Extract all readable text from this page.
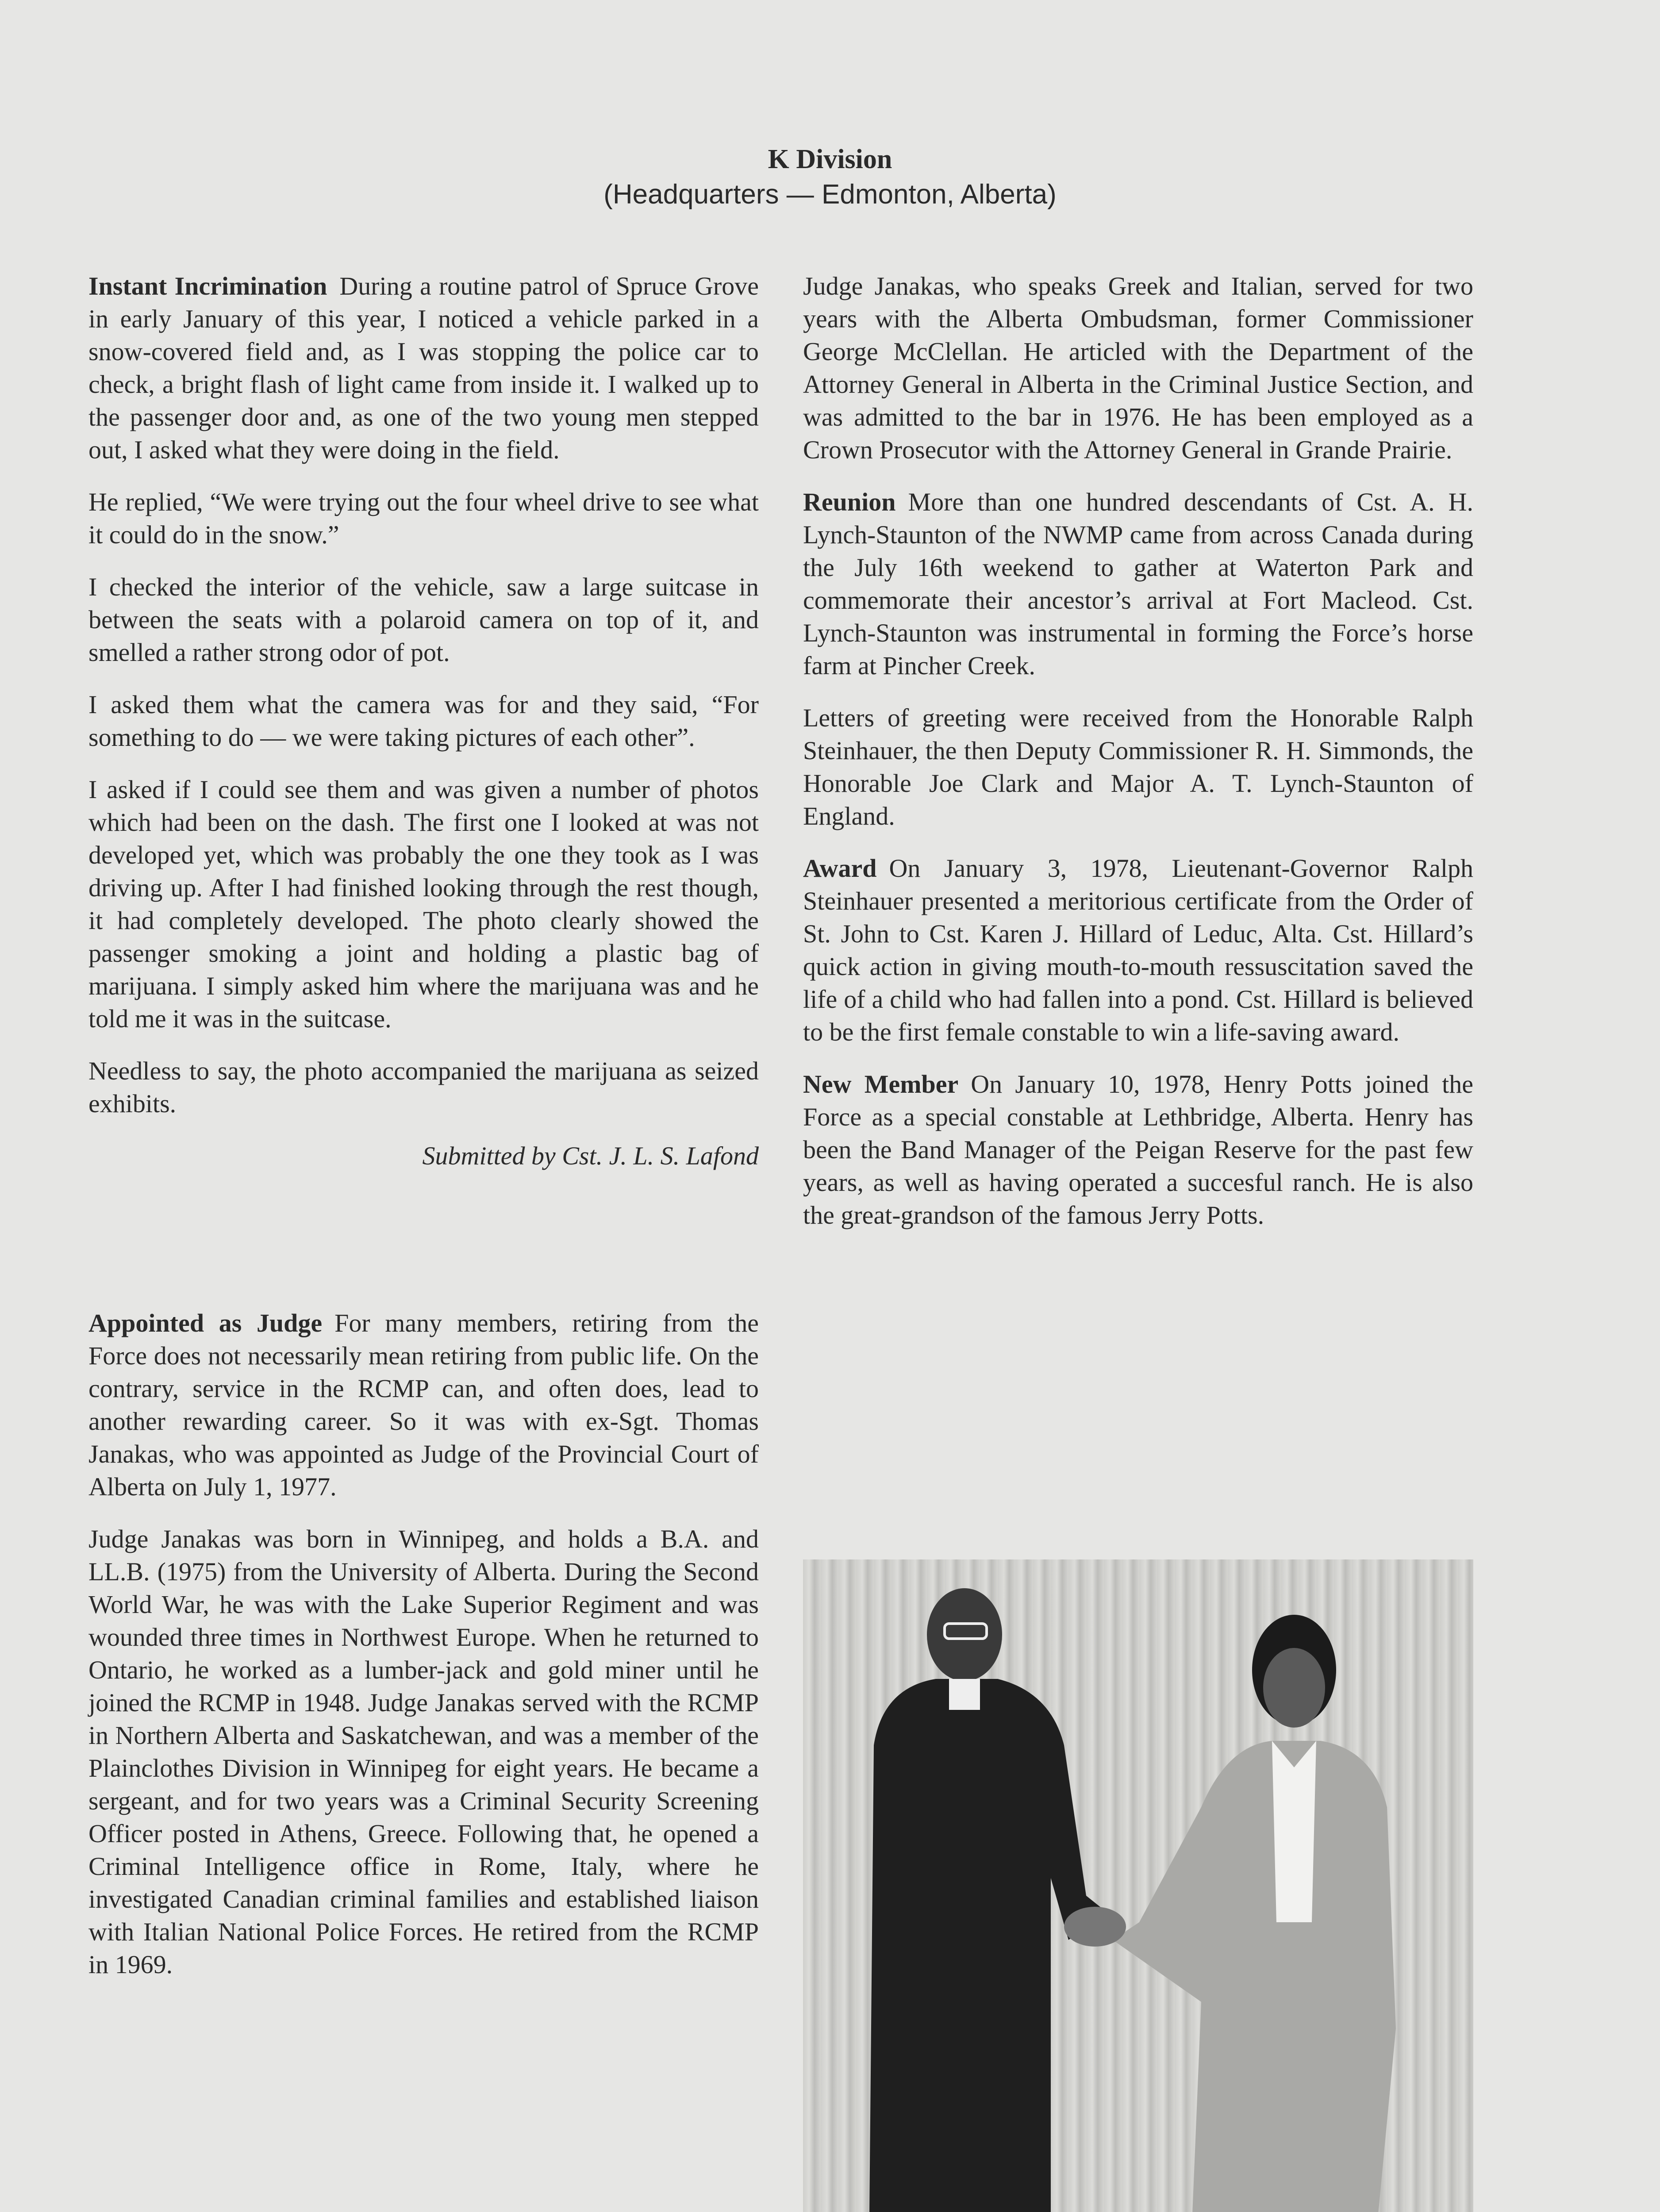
K Division
(Headquarters — Edmonton, Alberta)

Instant Incrimination During a routine patrol of Spruce Grove in early January of this year, I noticed a vehicle parked in a snow-covered field and, as I was stopping the police car to check, a bright flash of light came from inside it. I walked up to the passenger door and, as one of the two young men stepped out, I asked what they were doing in the field.

He replied, “We were trying out the four wheel drive to see what it could do in the snow.”

I checked the interior of the vehicle, saw a large suitcase in between the seats with a polaroid camera on top of it, and smelled a rather strong odor of pot.

I asked them what the camera was for and they said, “For something to do — we were taking pictures of each other”.

I asked if I could see them and was given a number of photos which had been on the dash. The first one I looked at was not developed yet, which was probably the one they took as I was driving up. After I had finished looking through the rest though, it had completely developed. The photo clearly showed the passenger smoking a joint and holding a plastic bag of marijuana. I simply asked him where the marijuana was and he told me it was in the suitcase.

Needless to say, the photo accompanied the marijuana as seized exhibits.

Submitted by Cst. J. L. S. Lafond

Appointed as Judge For many members, retiring from the Force does not necessarily mean retiring from public life. On the contrary, service in the RCMP can, and often does, lead to another rewarding career. So it was with ex-Sgt. Thomas Janakas, who was appointed as Judge of the Provincial Court of Alberta on July 1, 1977.

Judge Janakas was born in Winnipeg, and holds a B.A. and LL.B. (1975) from the University of Alberta. During the Second World War, he was with the Lake Superior Regiment and was wounded three times in Northwest Europe. When he returned to Ontario, he worked as a lumber-jack and gold miner until he joined the RCMP in 1948. Judge Janakas served with the RCMP in Northern Alberta and Saskatchewan, and was a member of the Plainclothes Division in Winnipeg for eight years. He became a sergeant, and for two years was a Criminal Security Screening Officer posted in Athens, Greece. Following that, he opened a Criminal Intelligence office in Rome, Italy, where he investigated Canadian criminal families and established liaison with Italian National Police Forces. He retired from the RCMP in 1969.

Judge Janakas, who speaks Greek and Italian, served for two years with the Alberta Ombudsman, former Commissioner George McClellan. He articled with the Department of the Attorney General in Alberta in the Criminal Justice Section, and was admitted to the bar in 1976. He has been employed as a Crown Prosecutor with the Attorney General in Grande Prairie.

Reunion More than one hundred descendants of Cst. A. H. Lynch-Staunton of the NWMP came from across Canada during the July 16th weekend to gather at Waterton Park and commemorate their ancestor’s arrival at Fort Macleod. Cst. Lynch-Staunton was instrumental in forming the Force’s horse farm at Pincher Creek.

Letters of greeting were received from the Honorable Ralph Steinhauer, the then Deputy Commissioner R. H. Simmonds, the Honorable Joe Clark and Major A. T. Lynch-Staunton of England.

Award On January 3, 1978, Lieutenant-Governor Ralph Steinhauer presented a meritorious certificate from the Order of St. John to Cst. Karen J. Hillard of Leduc, Alta. Cst. Hillard’s quick action in giving mouth-to-mouth ressuscitation saved the life of a child who had fallen into a pond. Cst. Hillard is believed to be the first female constable to win a life-saving award.

New Member On January 10, 1978, Henry Potts joined the Force as a special constable at Lethbridge, Alberta. Henry has been the Band Manager of the Peigan Reserve for the past few years, as well as having operated a succesful ranch. He is also the great-grandson of the famous Jerry Potts.
